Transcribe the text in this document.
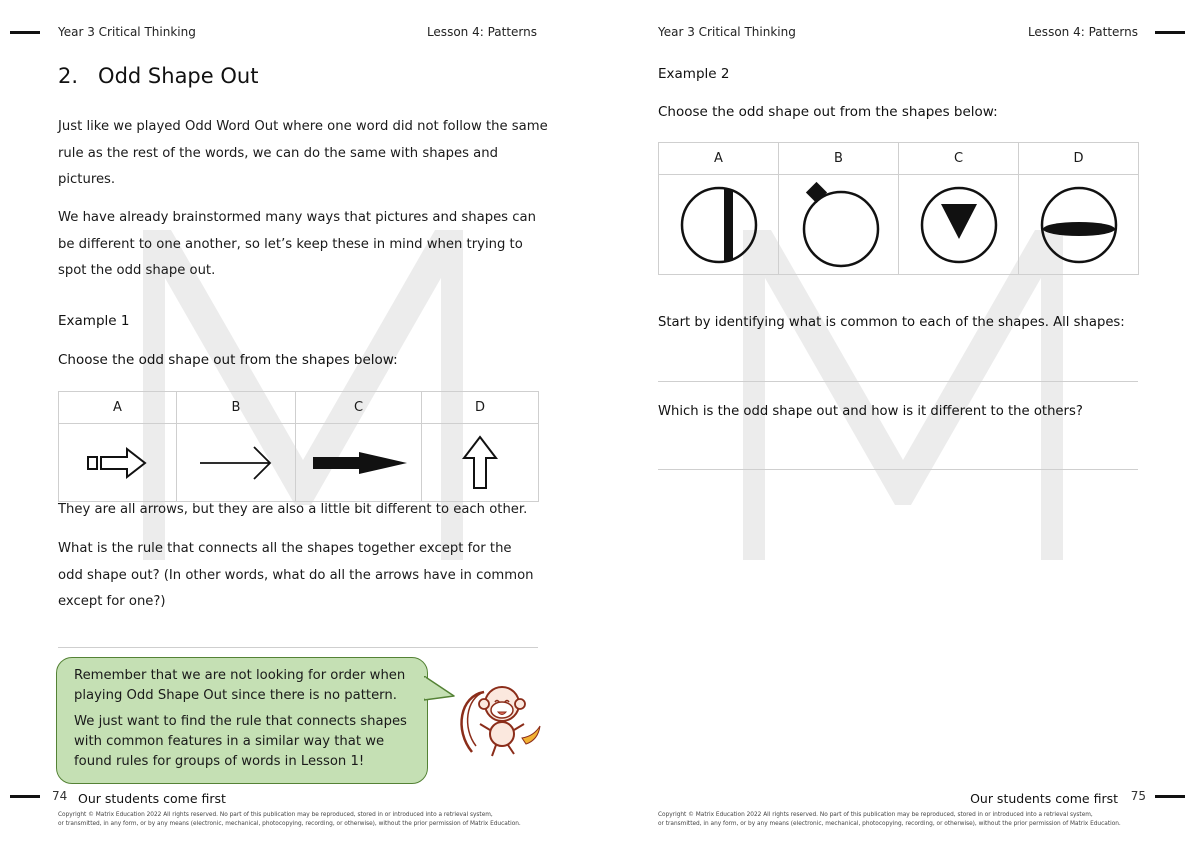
Year 3 Critical Thinking	Lesson 4: Patterns
2.   Odd Shape Out

Just like we played Odd Word Out where one word did not follow the same rule as the rest of the words, we can do the same with shapes and pictures.

We have already brainstormed many ways that pictures and shapes can be different to one another, so let’s keep these in mind when trying to spot the odd shape out.

Example 1
Choose the odd shape out from the shapes below:
A	B	C	D

They are all arrows, but they are also a little bit different to each other.

What is the rule that connects all the shapes together except for the odd shape out? (In other words, what do all the arrows have in common except for one?)

Remember that we are not looking for order when playing Odd Shape Out since there is no pattern.

We just want to find the rule that connects shapes with common features in a similar way that we found rules for groups of words in Lesson 1!

74 Our students come first

Copyright © Matrix Education 2022 All rights reserved. No part of this publication may be reproduced, stored in or introduced into a retrieval system,

or transmitted, in any form, or by any means (electronic, mechanical, photocopying, recording, or otherwise), without the prior permission of Matrix Education.

Year 3 Critical Thinking	Lesson 4: Patterns
Example 2
Choose the odd shape out from the shapes below:
A	B	C	D

Start by identifying what is common to each of the shapes. All shapes:
Which is the odd shape out and how is it different to the others?
Our students come first 75

Copyright © Matrix Education 2022 All rights reserved. No part of this publication may be reproduced, stored in or introduced into a retrieval system,

or transmitted, in any form, or by any means (electronic, mechanical, photocopying, recording, or otherwise), without the prior permission of Matrix Education.
